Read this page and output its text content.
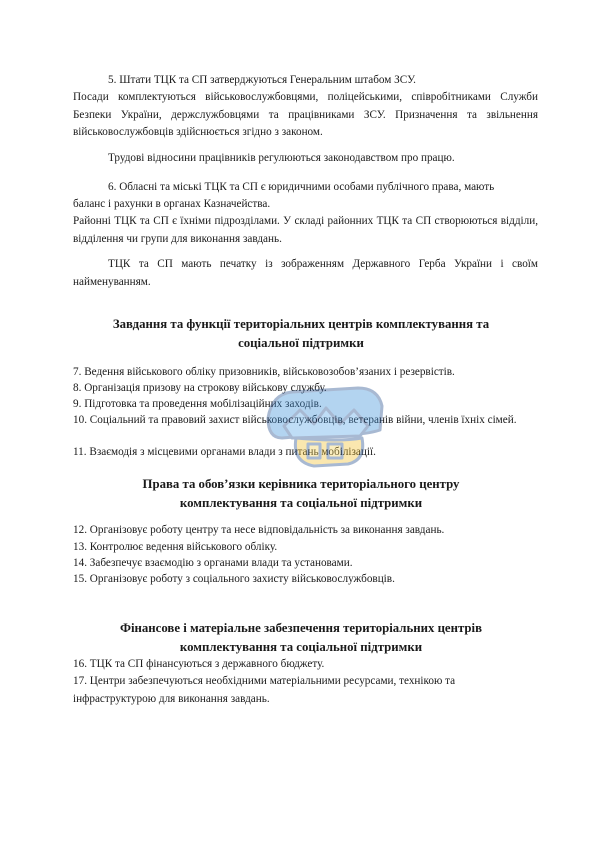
5. Штати ТЦК та СП затверджуються Генеральним штабом ЗСУ.

Посади комплектуються військовослужбовцями, поліцейськими, співробітниками Служби Безпеки України, держслужбовцями та працівниками ЗСУ. Призначення та звільнення військовослужбовців здійснюється згідно з законом.

Трудові відносини працівників регулюються законодавством про працю.

6. Обласні та міські ТЦК та СП є юридичними особами публічного права, мають

баланс і рахунки в органах Казначейства.

Районні ТЦК та СП є їхніми підрозділами. У складі районних ТЦК та СП створюються відділи, відділення чи групи для виконання завдань.

ТЦК та СП мають печатку із зображенням Державного Герба України і своїм найменуванням.

Завдання та функції територіальних центрів комплектування та

соціальної підтримки

7. Ведення військового обліку призовників, військовозобов’язаних і резервістів.

8. Організація призову на строкову військову службу.

9. Підготовка та проведення мобілізаційних заходів.

10. Соціальний та правовий захист військовослужбовців, ветеранів війни, членів їхніх сімей.

11. Взаємодія з місцевими органами влади з питань мобілізації.

Права та обов’язки керівника територіального центру

комплектування та соціальної підтримки

12. Організовує роботу центру та несе відповідальність за виконання завдань.

13. Контролює ведення військового обліку.

14. Забезпечує взаємодію з органами влади та установами.

15. Організовує роботу з соціального захисту військовослужбовців.

Фінансове і матеріальне забезпечення територіальних центрів

комплектування та соціальної підтримки

16. ТЦК та СП фінансуються з державного бюджету.

17. Центри забезпечуються необхідними матеріальними ресурсами, технікою та інфраструктурою для виконання завдань.
